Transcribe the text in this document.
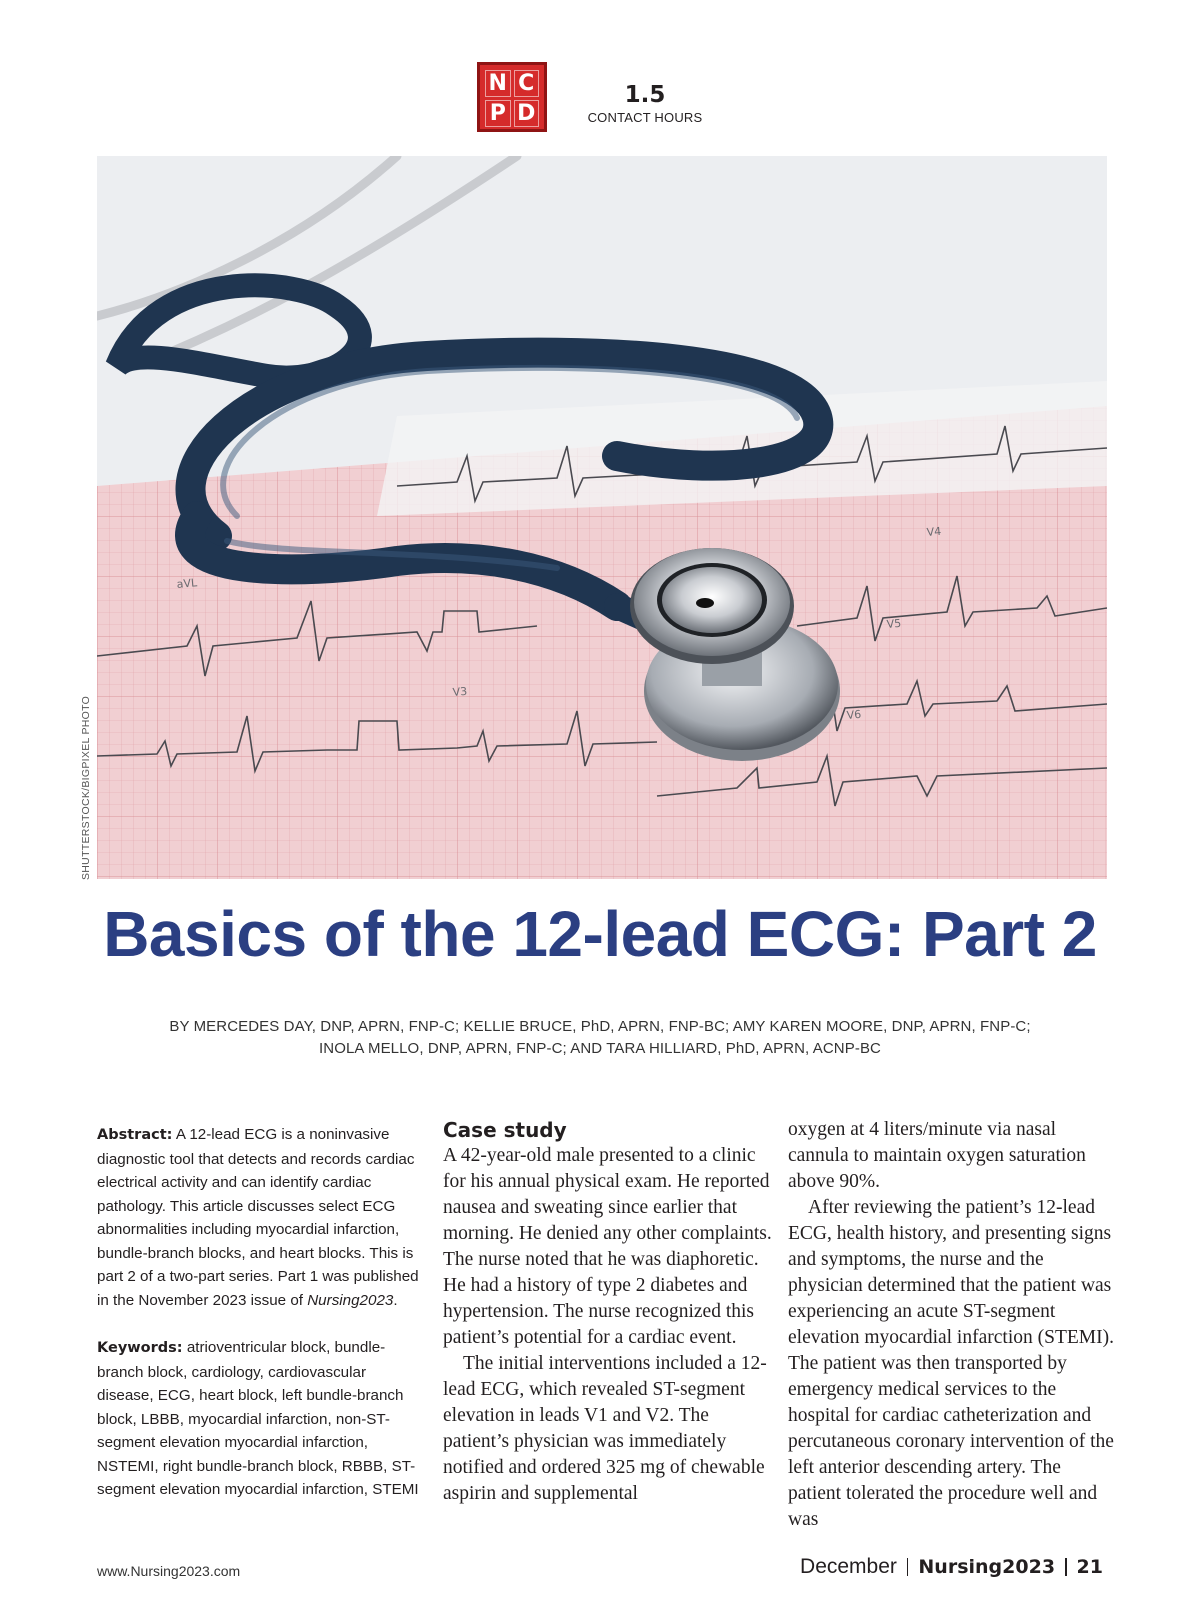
N C
P D
1.5
CONTACT HOURS
aVL
V3
V4
V5
V6
SHUTTERSTOCK/BIGPIXEL PHOTO
Basics of the 12-lead ECG: Part 2
BY MERCEDES DAY, DNP, APRN, FNP-C; KELLIE BRUCE, PhD, APRN, FNP-BC; AMY KAREN MOORE, DNP, APRN, FNP-C;
INOLA MELLO, DNP, APRN, FNP-C; AND TARA HILLIARD, PhD, APRN, ACNP-BC

Abstract: A 12-lead ECG is a noninvasive diagnostic tool that detects and records cardiac electrical activity and can identify cardiac pathology. This article discusses select ECG abnormalities including myocardial infarction, bundle-branch blocks, and heart blocks. This is part 2 of a two-part series. Part 1 was published in the November 2023 issue of Nursing2023.

Keywords: atrioventricular block, bundle-branch block, cardiology, cardiovascular disease, ECG, heart block, left bundle-branch block, LBBB, myocardial infarction, non-ST-segment elevation myocardial infarction, NSTEMI, right bundle-branch block, RBBB, ST-segment elevation myocardial infarction, STEMI

Case study

A 42-year-old male presented to a clinic for his annual physical exam. He reported nausea and sweating since earlier that morning. He denied any other complaints. The nurse noted that he was diaphoretic. He had a history of type 2 diabetes and hypertension. The nurse recognized this patient’s potential for a cardiac event.

The initial interventions included a 12-lead ECG, which revealed ST-segment elevation in leads V1 and V2. The patient’s physician was immediately notified and ordered 325 mg of chewable aspirin and supplemental

oxygen at 4 liters/minute via nasal cannula to maintain oxygen saturation above 90%.

After reviewing the patient’s 12-lead ECG, health history, and presenting signs and symptoms, the nurse and the physician determined that the patient was experiencing an acute ST-segment elevation myocardial infarction (STEMI). The patient was then transported by emergency medical services to the hospital for cardiac catheterization and percutaneous coronary intervention of the left anterior descending artery. The patient tolerated the procedure well and was

www.Nursing2023.com	December Nursing2023 21
